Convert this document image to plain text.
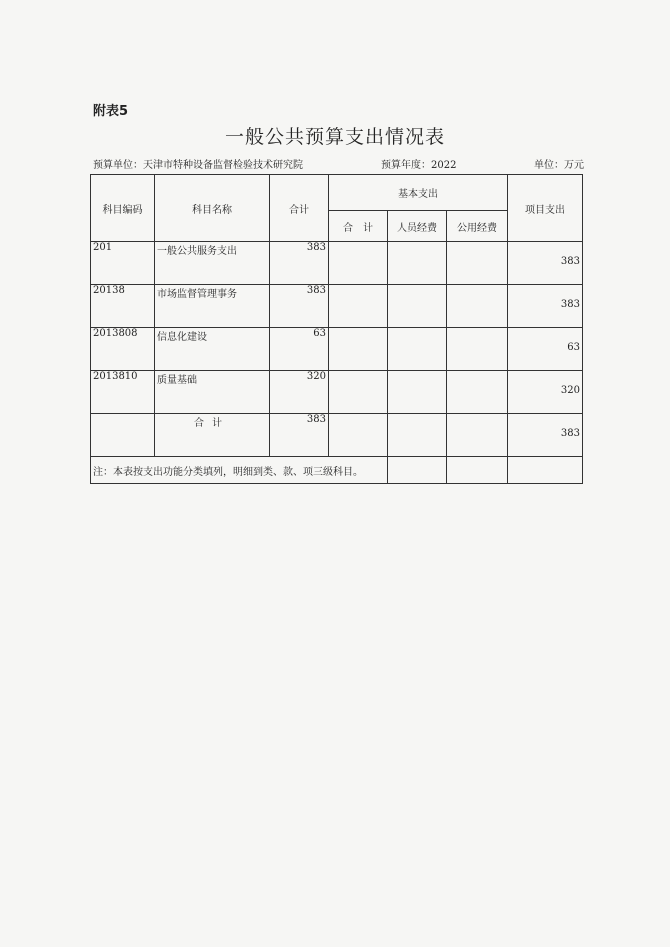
附表5
一般公共预算支出情况表
预算单位：天津市特种设备监督检验技术研究院	预算年度：2022	单位：万元
科目编码	科目名称	合计	基本支出			项目支出
			合　计	人员经费	公用经费	
201	一般公共服务支出	383				383
20138	市场监督管理事务	383				383
2013808	信息化建设	63				63
2013810	质量基础	320				320
	合计	383				383
注：本表按支出功能分类填列，明细到类、款、项三级科目。						
